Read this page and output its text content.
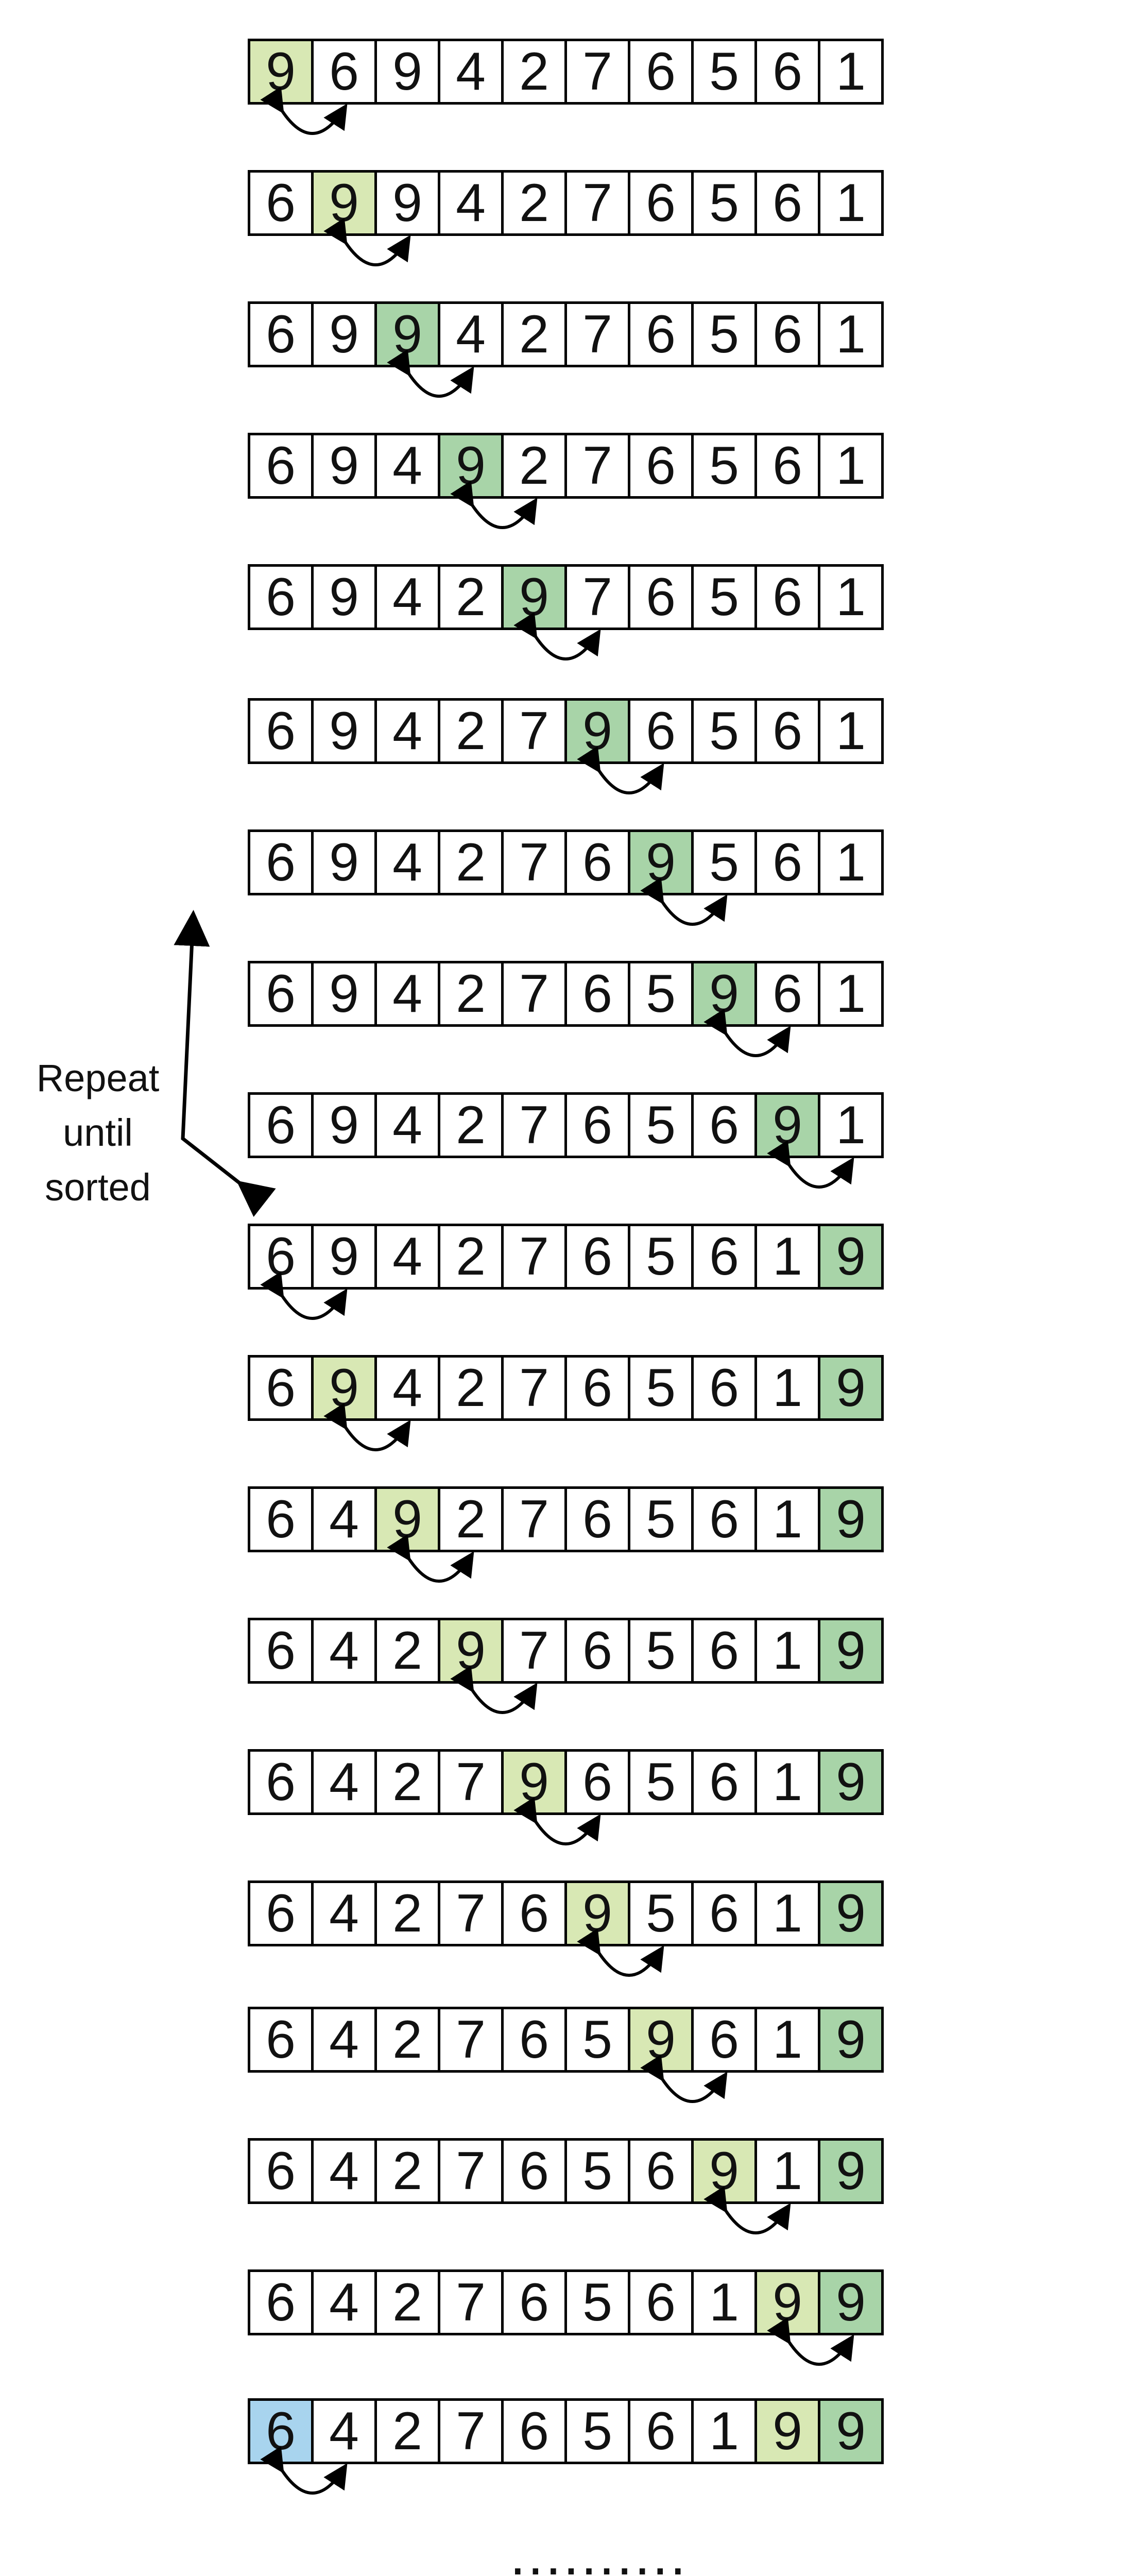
9 6 9 4 2 7 6 5 6 1
6 9 9 4 2 7 6 5 6 1
6 9 9 4 2 7 6 5 6 1
6 9 4 9 2 7 6 5 6 1
6 9 4 2 9 7 6 5 6 1
6 9 4 2 7 9 6 5 6 1
6 9 4 2 7 6 9 5 6 1
6 9 4 2 7 6 5 9 6 1
6 9 4 2 7 6 5 6 9 1
6 9 4 2 7 6 5 6 1 9
6 9 4 2 7 6 5 6 1 9
6 4 9 2 7 6 5 6 1 9
6 4 2 9 7 6 5 6 1 9
6 4 2 7 9 6 5 6 1 9
6 4 2 7 6 9 5 6 1 9
6 4 2 7 6 5 9 6 1 9
6 4 2 7 6 5 6 9 1 9
6 4 2 7 6 5 6 1 9 9
6 4 2 7 6 5 6 1 9 9
..........
Repeat
until
sorted
